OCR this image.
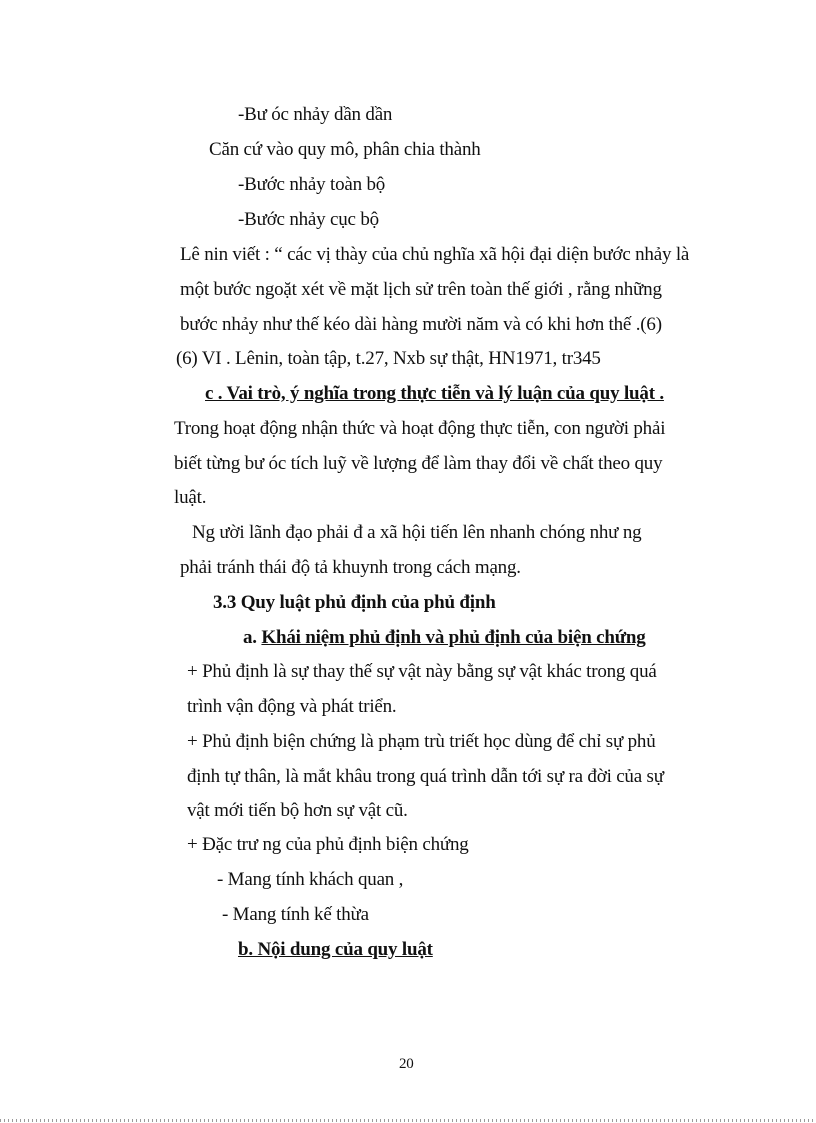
-Bư óc nhảy dần dần
Căn cứ vào quy mô, phân chia thành
-Bước nhảy toàn bộ
-Bước nhảy cục bộ
Lê nin viết : “ các vị thày của chủ nghĩa xã hội đại diện bước nhảy là
một bước ngoặt xét về mặt lịch sử trên toàn thế giới , rằng những
bước nhảy như thế kéo dài hàng mười năm và có khi hơn thế .(6)
(6) VI . Lênin, toàn tập, t.27, Nxb sự thật, HN1971, tr345
c . Vai trò, ý nghĩa trong thực tiễn và lý luận của quy luật .
Trong hoạt động nhận thức và hoạt động thực tiễn, con người phải
biết từng bư óc tích luỹ về lượng để làm thay đổi về chất theo quy
luật.
Ng ười lãnh đạo phải đ a xã hội tiến lên nhanh chóng như ng
phải tránh thái độ tả khuynh trong cách mạng.
3.3 Quy luật phủ định của phủ định
a. Khái niệm phủ định và phủ định của biện chứng
+ Phủ định là sự thay thế sự vật này bằng sự vật khác trong quá
trình vận động và phát triển.
+ Phủ định biện chứng là phạm trù triết học dùng để chỉ sự phủ
định tự thân, là mắt khâu trong quá trình dẫn tới sự ra đời của sự
vật mới tiến bộ hơn sự vật cũ.
+ Đặc trư ng của phủ định biện chứng
- Mang tính khách quan ,
- Mang tính kế thừa
b. Nội dung của quy luật
20
